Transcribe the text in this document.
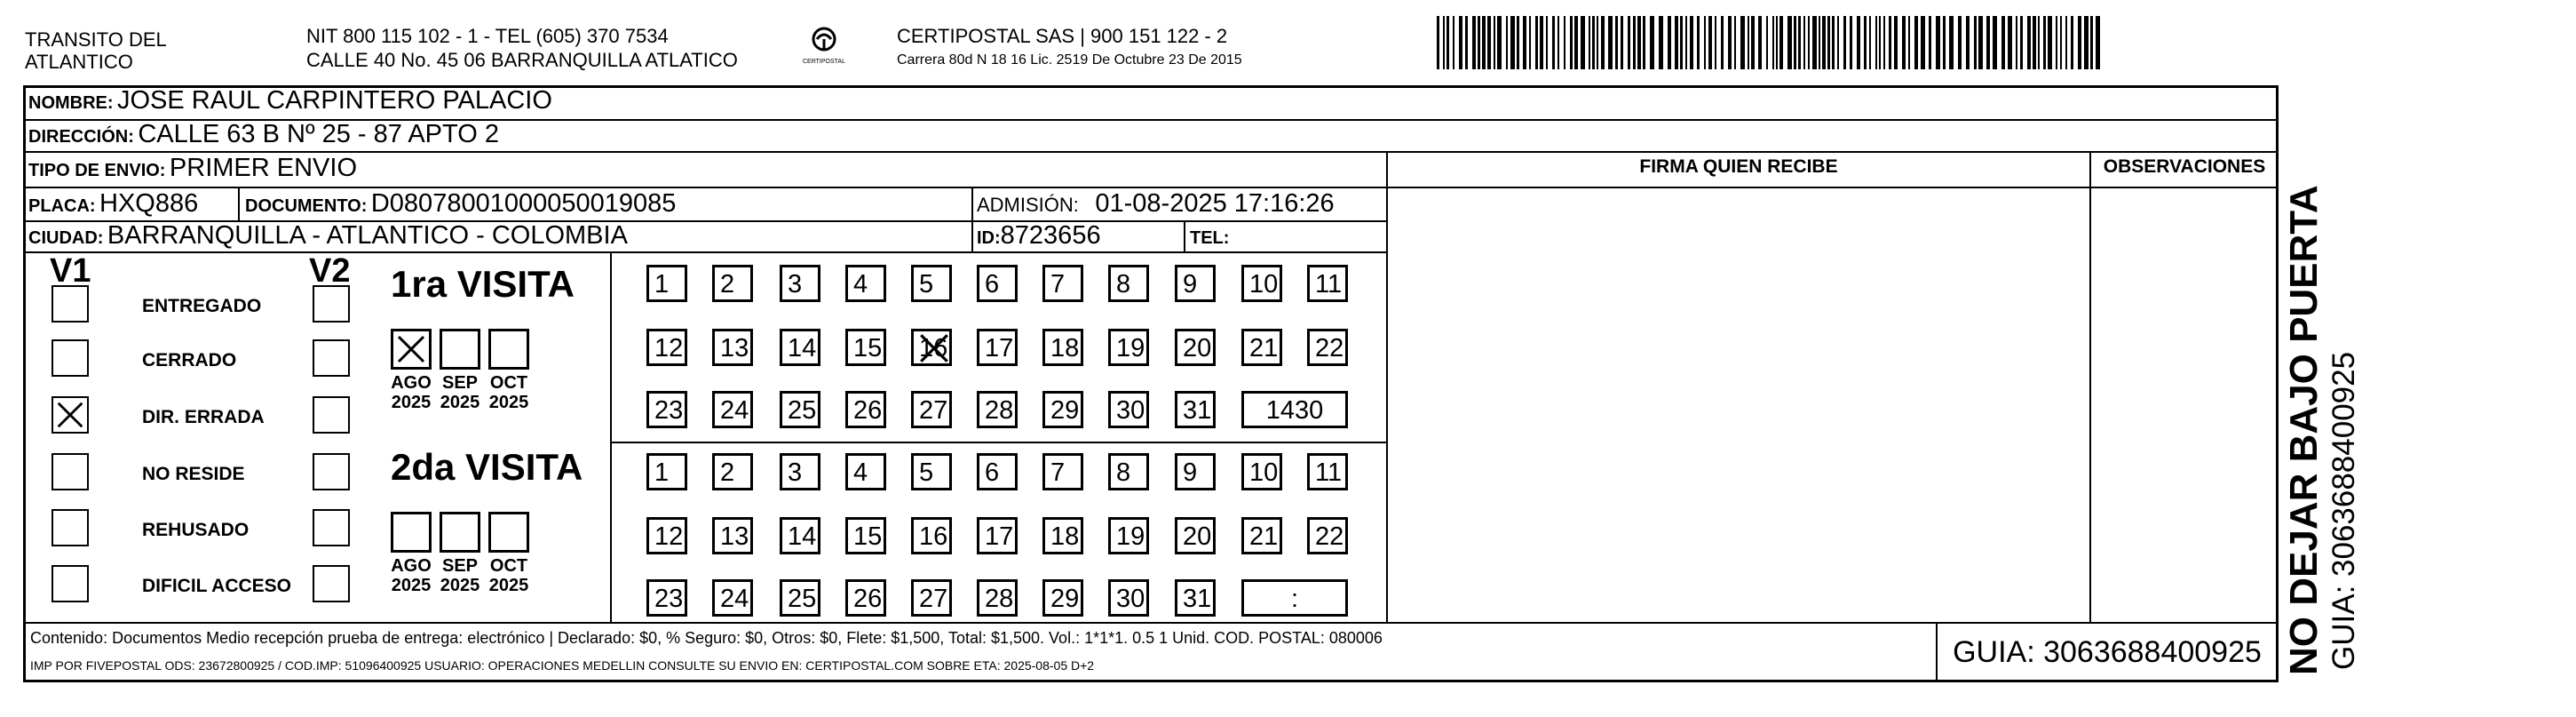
TRANSITO DEL
ATLANTICO
NIT 800 115 102 - 1 - TEL (605) 370 7534
CALLE 40 No. 45 06 BARRANQUILLA ATLATICO	CERTIPOSTAL
CERTIPOSTAL SAS | 900 151 122 - 2
Carrera 80d N 18 16 Lic. 2519 De Octubre 23 De 2015
NOMBRE: JOSE RAUL CARPINTERO PALACIO
DIRECCIÓN: CALLE 63 B Nº 25 - 87 APTO 2
TIPO DE ENVIO: PRIMER ENVIO
PLACA: HXQ886	DOCUMENTO: D08078001000050019085	ADMISIÓN: 01-08-2025 17:16:26
CIUDAD: BARRANQUILLA - ATLANTICO - COLOMBIA	ID:8723656	TEL:
FIRMA QUIEN RECIBE	OBSERVACIONES
V1	V2
ENTREGADO
CERRADO
DIR. ERRADA
NO RESIDE
REHUSADO
DIFICIL ACCESO
1ra VISITA
2da VISITA
AGO
2025
SEP
2025
OCT
2025
AGO
2025
SEP
2025
OCT
2025
1	2	3	4	5	6	7	8	9	10	11
12	13	14	15	16	17	18	19	20	21	22
23	24	25	26	27	28	29	30	31	1430
1	2	3	4	5	6	7	8	9	10	11
12	13	14	15	16	17	18	19	20	21	22
23	24	25	26	27	28	29	30	31	:
Contenido: Documentos Medio recepción prueba de entrega: electrónico | Declarado: $0, % Seguro: $0, Otros: $0, Flete: $1,500, Total: $1,500. Vol.: 1*1*1. 0.5 1 Unid. COD. POSTAL: 080006
IMP POR FIVEPOSTAL ODS: 23672800925 / COD.IMP: 51096400925 USUARIO: OPERACIONES MEDELLIN CONSULTE SU ENVIO EN: CERTIPOSTAL.COM SOBRE ETA: 2025-08-05 D+2	GUIA: 3063688400925 NO DEJAR BAJO PUERTA GUIA: 3063688400925
